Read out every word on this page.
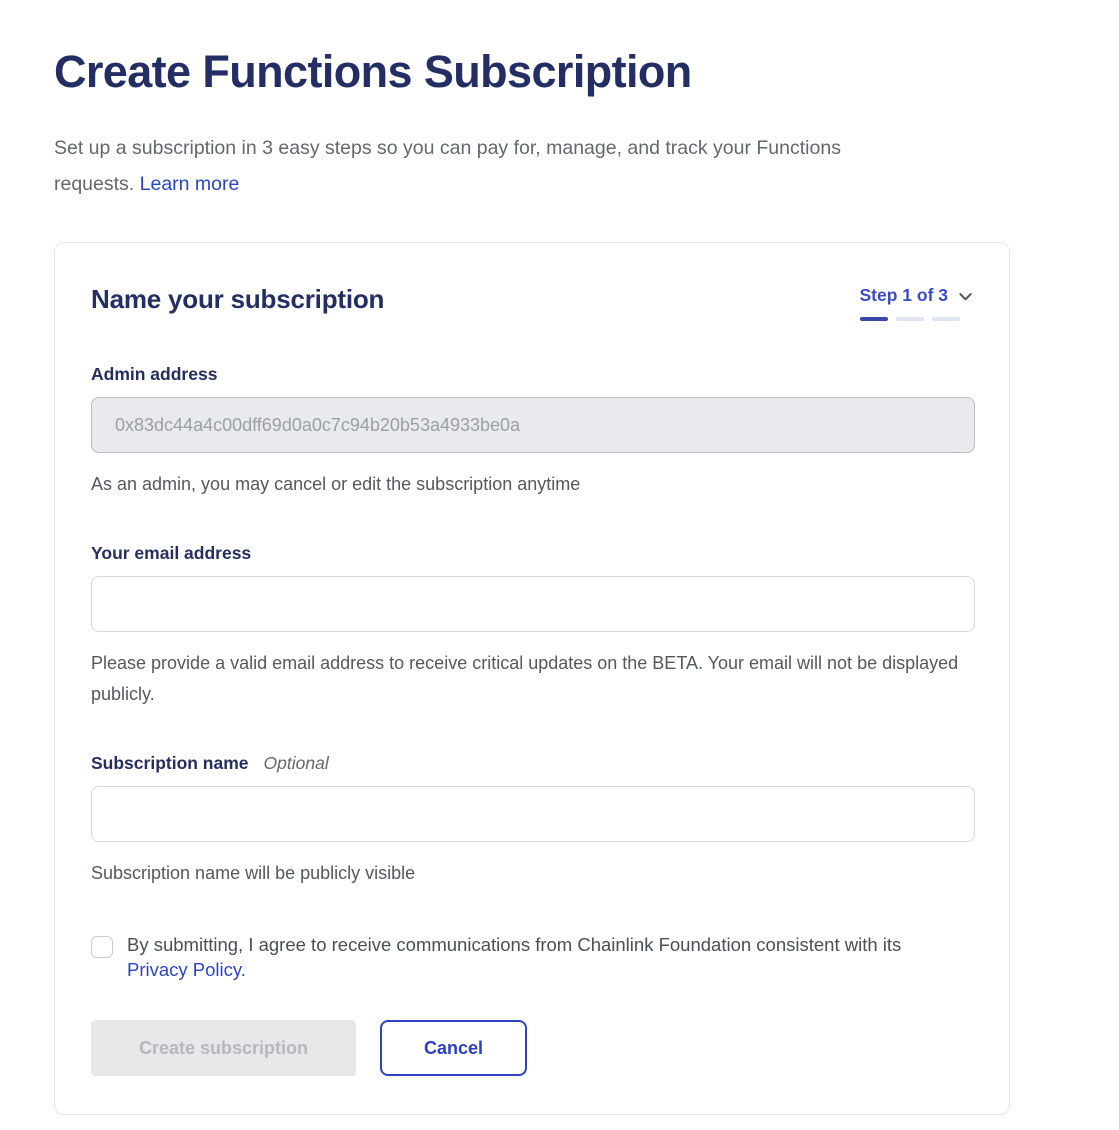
Create Functions Subscription

Set up a subscription in 3 easy steps so you can pay for, manage, and track your Functions requests. Learn more

Name your subscription	Step 1 of 3
Admin address
0x83dc44a4c00dff69d0a0c7c94b20b53a4933be0a
As an admin, you may cancel or edit the subscription anytime
Your email address
Please provide a valid email address to receive critical updates on the BETA. Your email will not be displayed publicly.
Subscription name Optional
Subscription name will be publicly visible
By submitting, I agree to receive communications from Chainlink Foundation consistent with its Privacy Policy.
Create subscription	Cancel
